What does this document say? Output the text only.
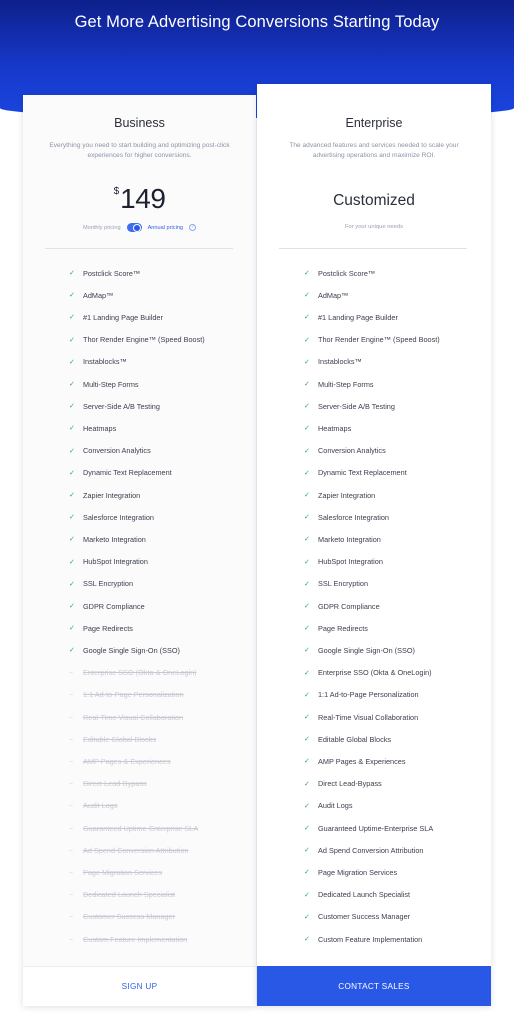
Get More Advertising Conversions Starting Today
Business
Everything you need to start building and optimizing post-click experiences for higher conversions.
$149
Monthly pricing	Annual pricing	?
✓	Postclick Score™
✓	AdMap™
✓	#1 Landing Page Builder
✓	Thor Render Engine™ (Speed Boost)
✓	Instablocks™
✓	Multi-Step Forms
✓	Server-Side A/B Testing
✓	Heatmaps
✓	Conversion Analytics
✓	Dynamic Text Replacement
✓	Zapier Integration
✓	Salesforce Integration
✓	Marketo Integration
✓	HubSpot Integration
✓	SSL Encryption
✓	GDPR Compliance
✓	Page Redirects
✓	Google Single Sign-On (SSO)
–	Enterprise SSO (Okta & OneLogin)
–	1:1 Ad-to-Page Personalization
–	Real-Time Visual Collaboration
–	Editable Global Blocks
–	AMP Pages & Experiences
–	Direct Lead-Bypass
–	Audit Logs
–	Guaranteed Uptime-Enterprise SLA
–	Ad Spend Conversion Attribution
–	Page Migration Services
–	Dedicated Launch Specialist
–	Customer Success Manager
–	Custom Feature Implementation
SIGN UP
Enterprise
The advanced features and services needed to scale your advertising operations and maximize ROI.
Customized
For your unique needs
✓	Postclick Score™
✓	AdMap™
✓	#1 Landing Page Builder
✓	Thor Render Engine™ (Speed Boost)
✓	Instablocks™
✓	Multi-Step Forms
✓	Server-Side A/B Testing
✓	Heatmaps
✓	Conversion Analytics
✓	Dynamic Text Replacement
✓	Zapier Integration
✓	Salesforce Integration
✓	Marketo Integration
✓	HubSpot Integration
✓	SSL Encryption
✓	GDPR Compliance
✓	Page Redirects
✓	Google Single Sign-On (SSO)
✓	Enterprise SSO (Okta & OneLogin)
✓	1:1 Ad-to-Page Personalization
✓	Real-Time Visual Collaboration
✓	Editable Global Blocks
✓	AMP Pages & Experiences
✓	Direct Lead-Bypass
✓	Audit Logs
✓	Guaranteed Uptime-Enterprise SLA
✓	Ad Spend Conversion Attribution
✓	Page Migration Services
✓	Dedicated Launch Specialist
✓	Customer Success Manager
✓	Custom Feature Implementation
CONTACT SALES
